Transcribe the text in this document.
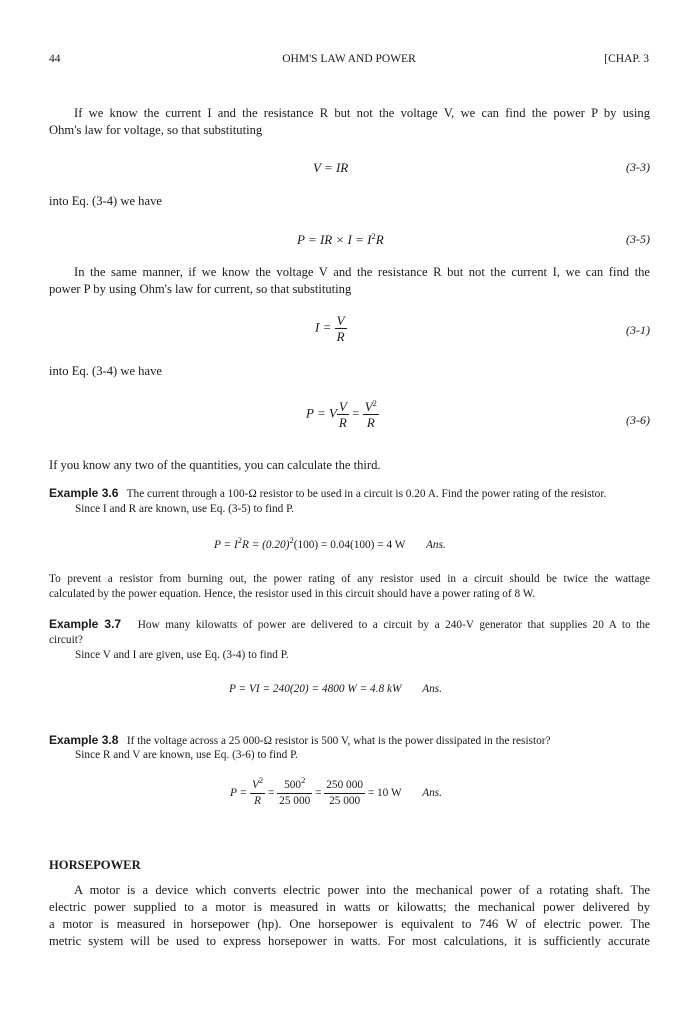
44	OHM'S LAW AND POWER	[CHAP. 3
If we know the current I and the resistance R but not the voltage V, we can find the power P by using
Ohm's law for voltage, so that substituting
V = IR	(3-3)
into Eq. (3-4) we have
P = IR × $I = I^2R$	(3-5)
In the same manner, if we know the voltage V and the resistance R but not the current I, we can find the
power P by using Ohm's law for current, so that substituting
$I = \frac{V}{R}$	(3-1)
into Eq. (3-4) we have
P = V $\frac{V}{R} = \frac{V^2}{R}$	(3-6)
If you know any two of the quantities, you can calculate the third.
Example 3.6 The current through a 100-Ω resistor to be used in a circuit is 0.20 A. Find the power rating of the resistor.
Since I and R are known, use Eq. (3-5) to find P.
$P = I^2R = (0.20)^2(100) = 0.04(100) = 4$ W Ans.
To prevent a resistor from burning out, the power rating of any resistor used in a circuit should be twice the wattage
calculated by the power equation. Hence, the resistor used in this circuit should have a power rating of 8 W.
Example 3.7 How many kilowatts of power are delivered to a circuit by a 240-V generator that supplies 20 A to the
circuit?
Since V and I are given, use Eq. (3-4) to find P.
P = VI = 240(20) = 4800 W = 4.8 kW Ans.
Example 3.8 If the voltage across a 25 000-Ω resistor is 500 V, what is the power dissipated in the resistor?
Since R and V are known, use Eq. (3-6) to find P.
$P = \frac{V^2}{R} = \frac{500^2}{25 000} = \frac{250 000}{25 000} = 10$ W Ans.
HORSEPOWER
A motor is a device which converts electric power into the mechanical power of a rotating shaft. The
electric power supplied to a motor is measured in watts or kilowatts; the mechanical power delivered by
a motor is measured in horsepower (hp). One horsepower is equivalent to 746 W of electric power. The
metric system will be used to express horsepower in watts. For most calculations, it is sufficiently accurate
